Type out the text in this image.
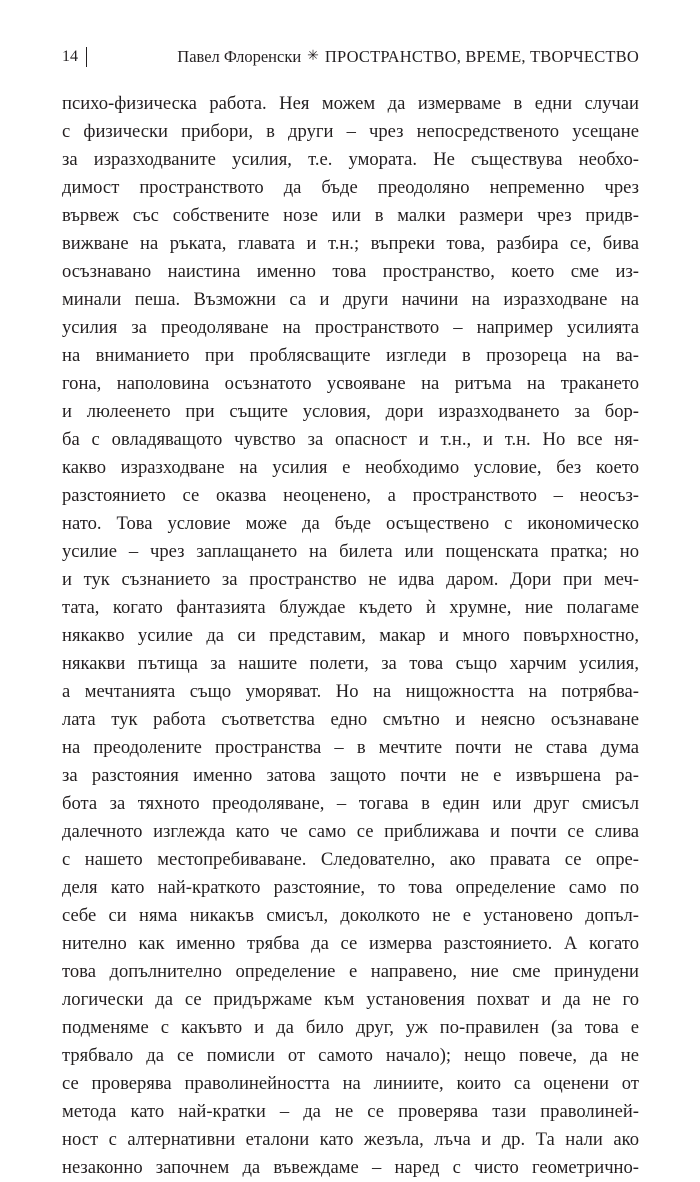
14	Павел Флоренски ✳ ПРОСТРАНСТВО, ВРЕМЕ, ТВОРЧЕСТВО
психо-физическа работа. Нея можем да измерваме в едни случаи
с физически прибори, в други – чрез непосредственото усещане
за изразходваните усилия, т.е. умората. Не съществува необхо-
димост пространството да бъде преодоляно непременно чрез
вървеж със собствените нозе или в малки размери чрез придв-
вижване на ръката, главата и т.н.; въпреки това, разбира се, бива
осъзнавано наистина именно това пространство, което сме из-
минали пеша. Възможни са и други начини на изразходване на
усилия за преодоляване на пространството – например усилията
на вниманието при проблясващите изгледи в прозореца на ва-
гона, наполовина осъзнатото усвояване на ритъма на тракането
и люлеенето при същите условия, дори изразходването за бор-
ба с овладяващото чувство за опасност и т.н., и т.н. Но все ня-
какво изразходване на усилия е необходимо условие, без което
разстоянието се оказва неоценено, а пространството – неосъз-
нато. Това условие може да бъде осъществено с икономическо
усилие – чрез заплащането на билета или пощенската пратка; но
и тук съзнанието за пространство не идва даром. Дори при меч-
тата, когато фантазията блуждае където ѝ хрумне, ние полагаме
някакво усилие да си представим, макар и много повърхностно,
някакви пътища за нашите полети, за това също харчим усилия,
а мечтанията също уморяват. Но на нищожността на потрябва-
лата тук работа съответства едно смътно и неясно осъзнаване
на преодолените пространства – в мечтите почти не става дума
за разстояния именно затова защото почти не е извършена ра-
бота за тяхното преодоляване, – тогава в един или друг смисъл
далечното изглежда като че само се приближава и почти се слива
с нашето местопребиваване. Следователно, ако правата се опре-
деля като най-краткото разстояние, то това определение само по
себе си няма никакъв смисъл, доколкото не е установено допъл-
нително как именно трябва да се измерва разстоянието. А когато
това допълнително определение е направено, ние сме принудени
логически да се придържаме към установения похват и да не го
подменяме с какъвто и да било друг, уж по-правилен (за това е
трябвало да се помисли от самото начало); нещо повече, да не
се проверява праволинейността на линиите, които са оценени от
метода като най-кратки – да не се проверява тази праволиней-
ност с алтернативни еталони като жезъла, лъча и др. Та нали ако
незаконно започнем да въвеждаме – наред с чисто геометрично-
